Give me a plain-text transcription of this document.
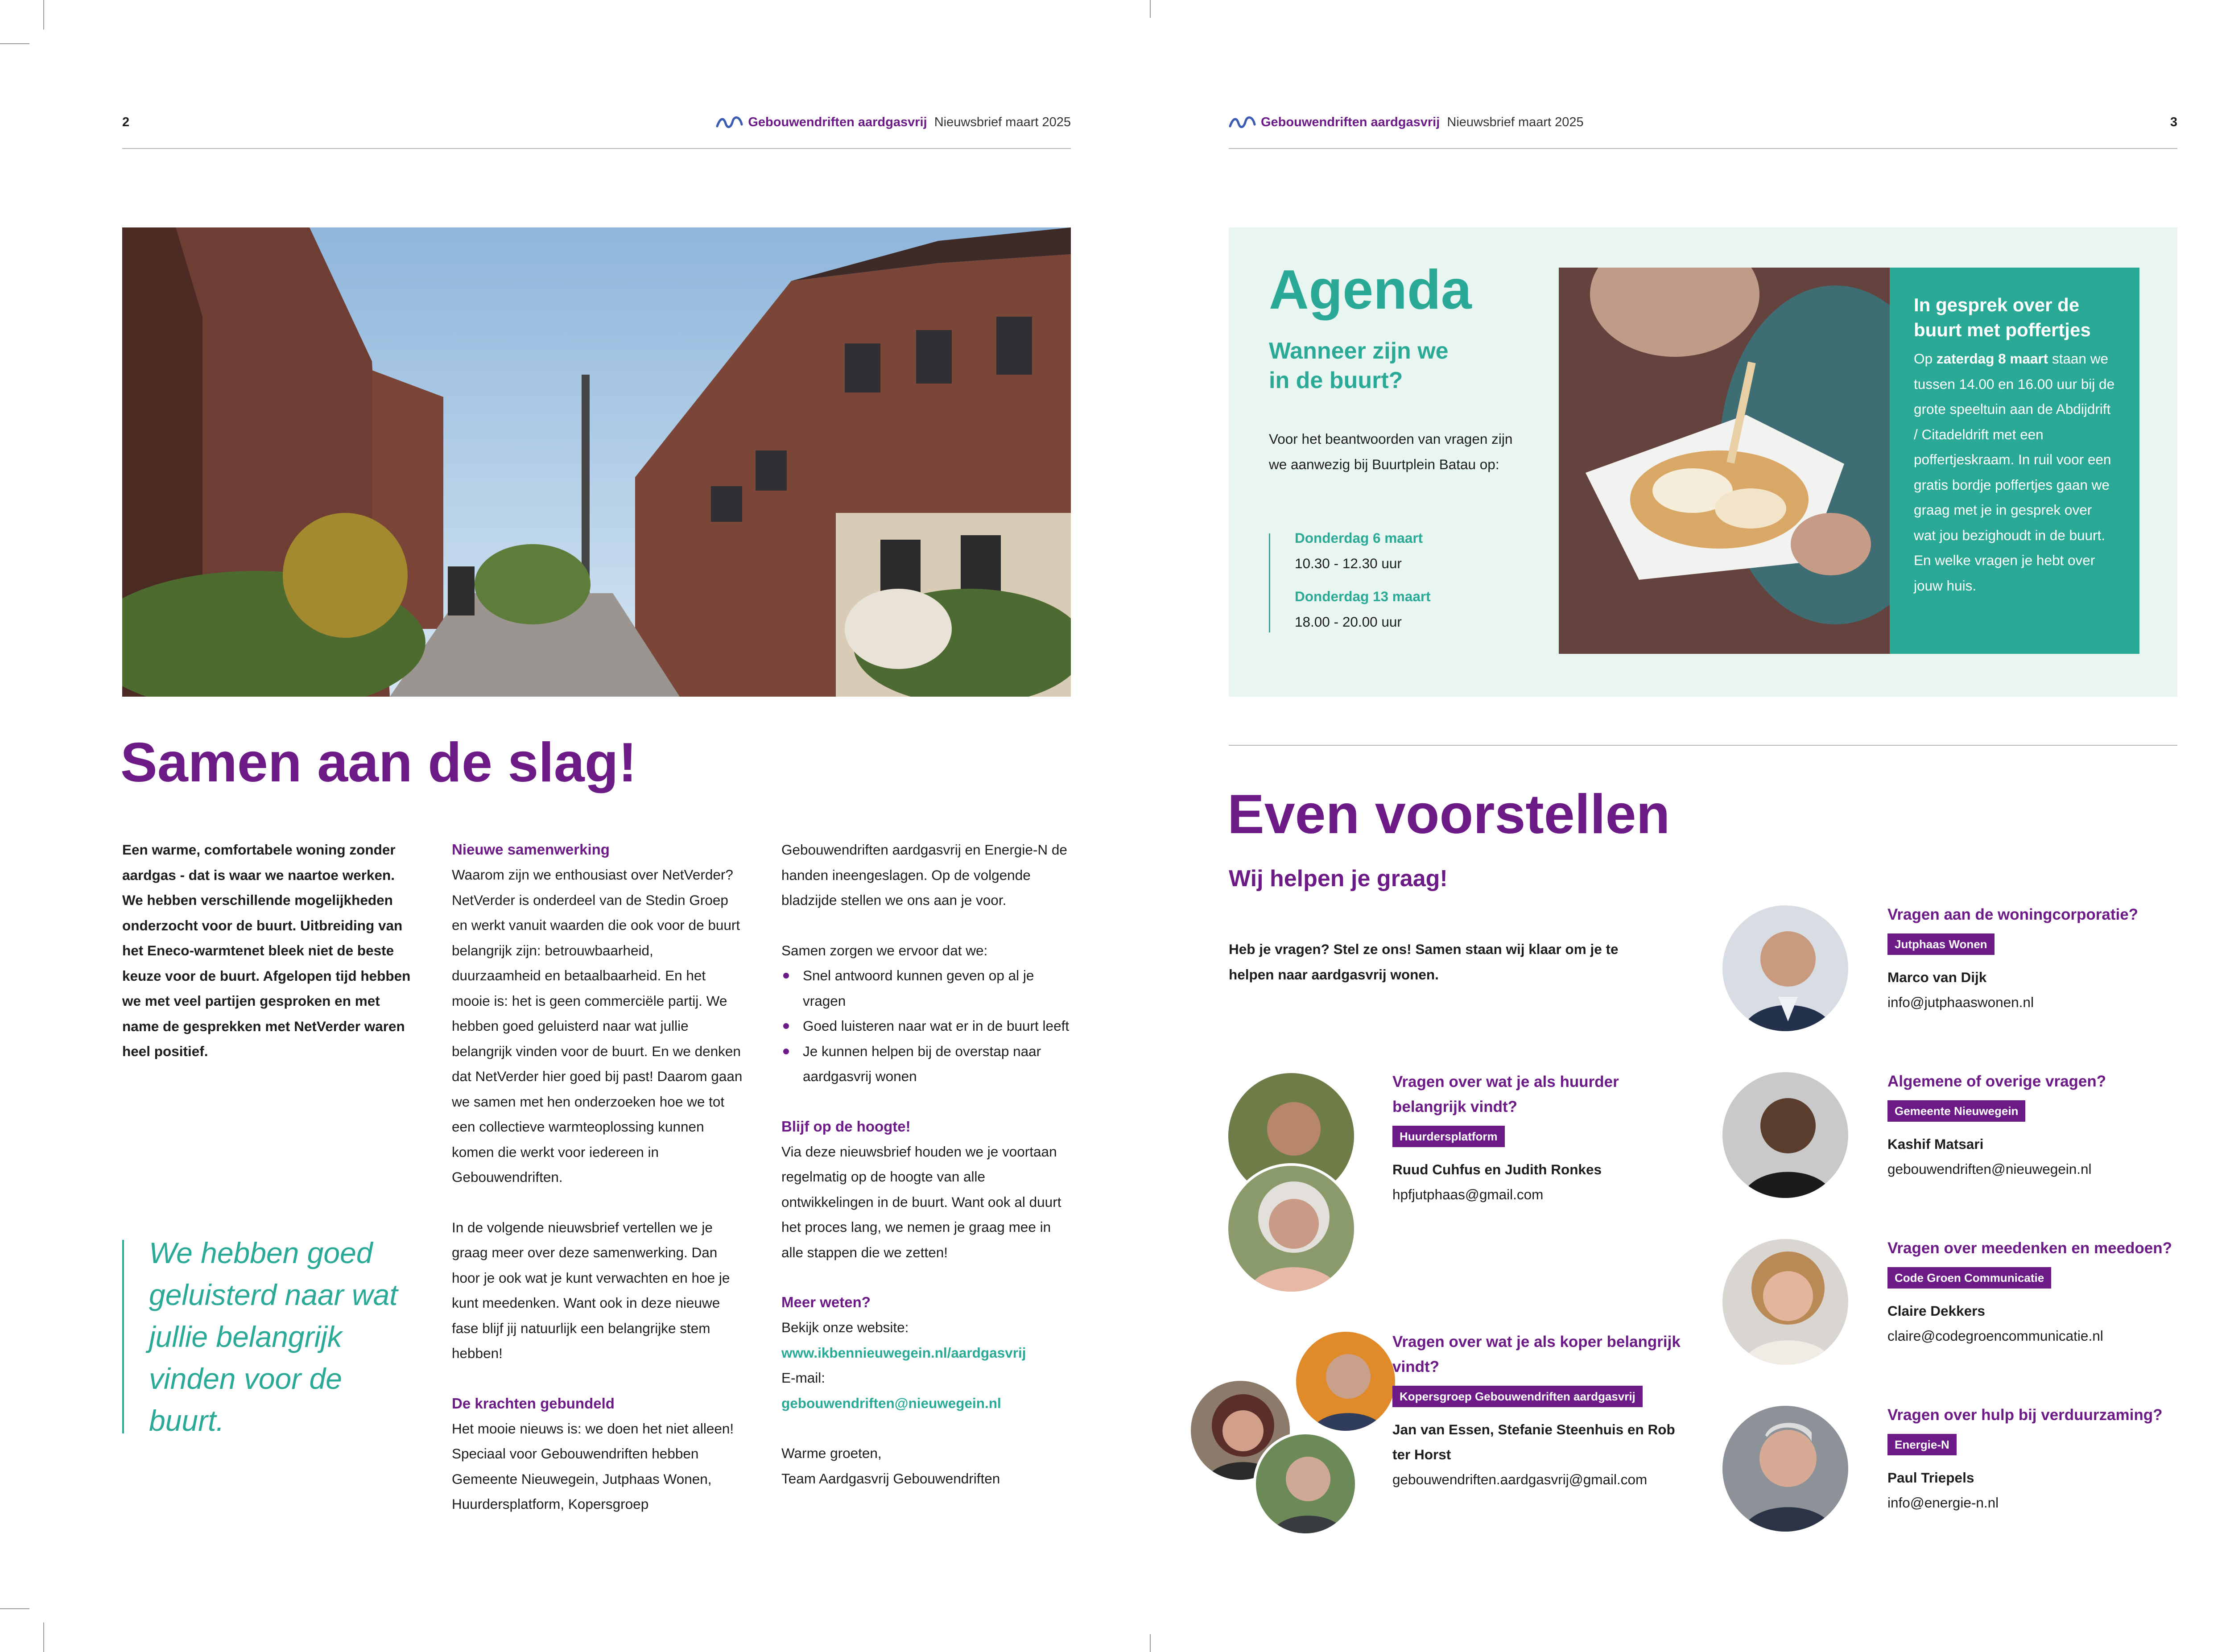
2	Gebouwendriften aardgasvrij Nieuwsbrief maart 2025	Gebouwendriften aardgasvrij Nieuwsbrief maart 2025	3
Samen aan de slag!
Een warme, comfortabele woning zonder aardgas - dat is waar we naartoe werken. We hebben verschillende mogelijkheden onderzocht voor de buurt. Uitbreiding van het Eneco-warmtenet bleek niet de beste keuze voor de buurt. Afgelopen tijd hebben we met veel partijen gesproken en met name de gesprekken met NetVerder waren heel positief.
We hebben goed geluisterd naar wat jullie belangrijk vinden voor de buurt.
Nieuwe samenwerking
Waarom zijn we enthousiast over NetVerder? NetVerder is onderdeel van de Stedin Groep en werkt vanuit waarden die ook voor de buurt belangrijk zijn: betrouwbaarheid, duurzaamheid en betaalbaarheid. En het mooie is: het is geen commerciële partij. We hebben goed geluisterd naar wat jullie belangrijk vinden voor de buurt. En we denken dat NetVerder hier goed bij past! Daarom gaan we samen met hen onderzoeken hoe we tot een collectieve warmteoplossing kunnen komen die werkt voor iedereen in Gebouwendriften.
In de volgende nieuwsbrief vertellen we je graag meer over deze samenwerking. Dan hoor je ook wat je kunt verwachten en hoe je kunt meedenken. Want ook in deze nieuwe fase blijf jij natuurlijk een belangrijke stem hebben!
De krachten gebundeld
Het mooie nieuws is: we doen het niet alleen! Speciaal voor Gebouwendriften hebben Gemeente Nieuwegein, Jutphaas Wonen, Huurdersplatform, Kopersgroep
Gebouwendriften aardgasvrij en Energie-N de handen ineengeslagen. Op de volgende bladzijde stellen we ons aan je voor.
Samen zorgen we ervoor dat we:
Snel antwoord kunnen geven op al je vragen
Goed luisteren naar wat er in de buurt leeft
Je kunnen helpen bij de overstap naar aardgasvrij wonen
Blijf op de hoogte!
Via deze nieuwsbrief houden we je voortaan regelmatig op de hoogte van alle ontwikkelingen in de buurt. Want ook al duurt het proces lang, we nemen je graag mee in alle stappen die we zetten!
Meer weten?
Bekijk onze website:
www.ikbennieuwegein.nl/aardgasvrij
E-mail:
gebouwendriften@nieuwegein.nl
Warme groeten,
Team Aardgasvrij Gebouwendriften
Agenda
Wanneer zijn we
in de buurt?
Voor het beantwoorden van vragen zijn we aanwezig bij Buurtplein Batau op:
Donderdag 6 maart
10.30 - 12.30 uur
Donderdag 13 maart
18.00 - 20.00 uur
In gesprek over de buurt met poffertjes
Op zaterdag 8 maart staan we tussen 14.00 en 16.00 uur bij de grote speeltuin aan de Abdijdrift / Citadeldrift met een poffertjeskraam. In ruil voor een gratis bordje poffertjes gaan we graag met je in gesprek over wat jou bezighoudt in de buurt. En welke vragen je hebt over jouw huis.
Even voorstellen
Wij helpen je graag!
Heb je vragen? Stel ze ons! Samen staan wij klaar om je te helpen naar aardgasvrij wonen.
Vragen aan de woningcorporatie?
Jutphaas Wonen
Marco van Dijk
info@jutphaaswonen.nl
Vragen over wat je als huurder belangrijk vindt?
Huurdersplatform
Ruud Cuhfus en Judith Ronkes
hpfjutphaas@gmail.com
Algemene of overige vragen?
Gemeente Nieuwegein
Kashif Matsari
gebouwendriften@nieuwegein.nl
Vragen over meedenken en meedoen?
Code Groen Communicatie
Claire Dekkers
claire@codegroencommunicatie.nl
Vragen over wat je als koper belangrijk vindt?
Kopersgroep Gebouwendriften aardgasvrij
Jan van Essen, Stefanie Steenhuis en Rob ter Horst
gebouwendriften.aardgasvrij@gmail.com
Vragen over hulp bij verduurzaming?
Energie-N
Paul Triepels
info@energie-n.nl
